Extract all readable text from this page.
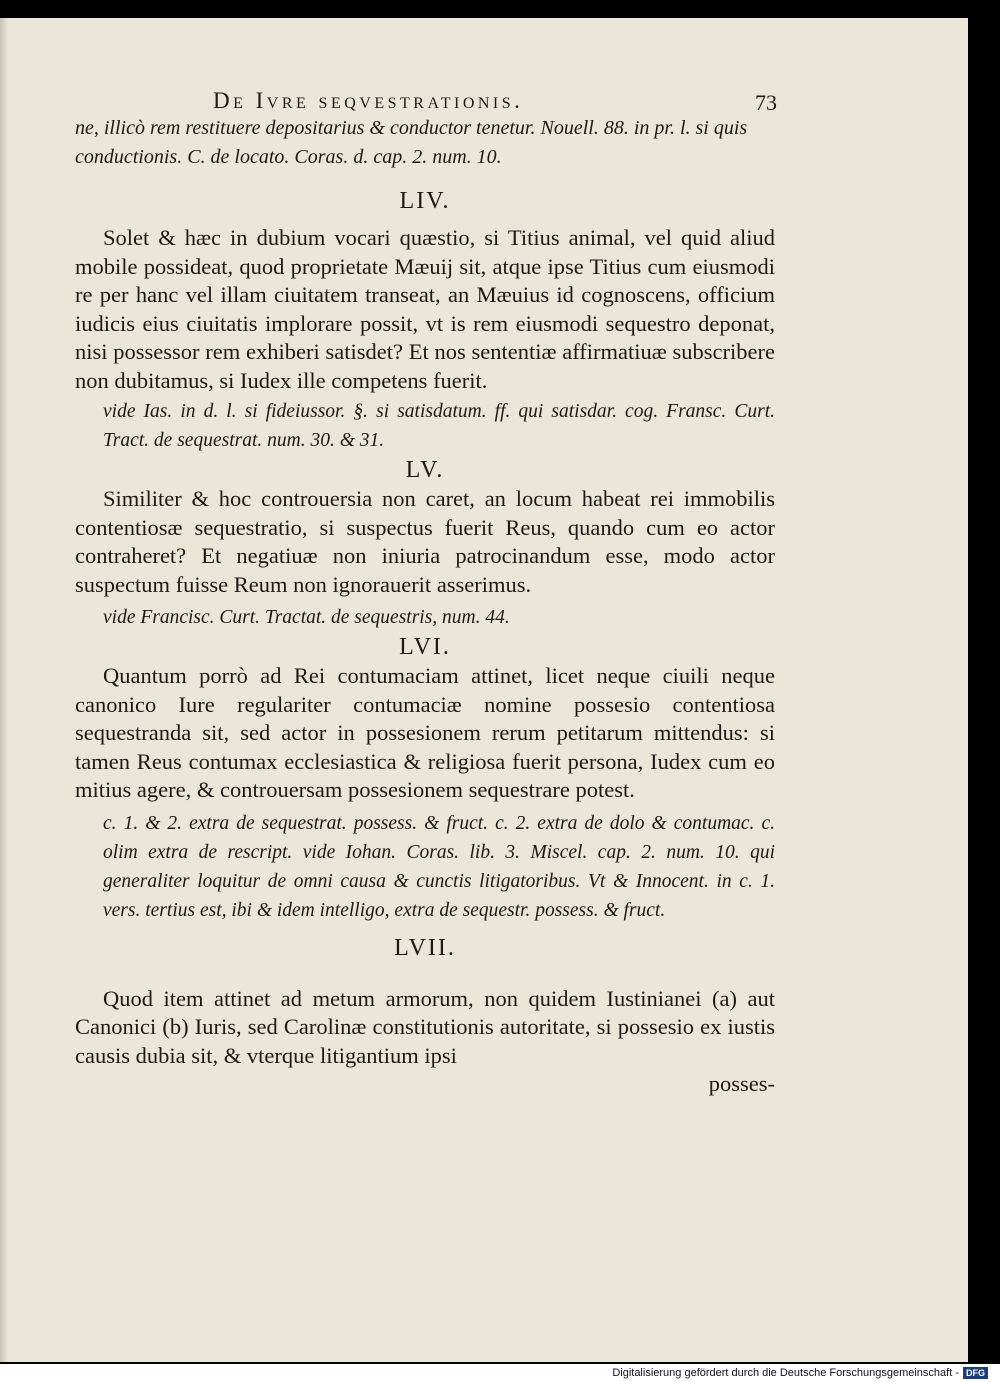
De Ivre seqvestrationis.	73

ne, illicò rem restituere depositarius & conductor tenetur. Nouell. 88. in pr. l. si quis conductionis. C. de locato. Coras. d. cap. 2. num. 10.

LIV.

Solet & hæc in dubium vocari quæstio, si Titius animal, vel quid aliud mobile possideat, quod proprietate Mæuij sit, atque ipse Titius cum eiusmodi re per hanc vel illam ciuitatem transeat, an Mæuius id cognoscens, officium iudicis eius ciuitatis implorare possit, vt is rem eiusmodi sequestro deponat, nisi possessor rem exhiberi satisdet? Et nos sententiæ affirmatiuæ subscribere non dubitamus, si Iudex ille competens fuerit.

vide Ias. in d. l. si fideiussor. §. si satisdatum. ff. qui satisdar. cog. Fransc. Curt. Tract. de sequestrat. num. 30. & 31.

LV.

Similiter & hoc controuersia non caret, an locum habeat rei immobilis contentiosæ sequestratio, si suspectus fuerit Reus, quando cum eo actor contraheret? Et negatiuæ non iniuria patrocinandum esse, modo actor suspectum fuisse Reum non ignorauerit asserimus.

vide Francisc. Curt. Tractat. de sequestris, num. 44.

LVI.

Quantum porrò ad Rei contumaciam attinet, licet neque ciuili neque canonico Iure regulariter contumaciæ nomine possesio contentiosa sequestranda sit, sed actor in possesionem rerum petitarum mittendus: si tamen Reus contumax ecclesiastica & religiosa fuerit persona, Iudex cum eo mitius agere, & controuersam possesionem sequestrare potest.

c. 1. & 2. extra de sequestrat. possess. & fruct. c. 2. extra de dolo & contumac. c. olim extra de rescript. vide Iohan. Coras. lib. 3. Miscel. cap. 2. num. 10. qui generaliter loquitur de omni causa & cunctis litigatoribus. Vt & Innocent. in c. 1. vers. tertius est, ibi & idem intelligo, extra de sequestr. possess. & fruct.

LVII.

Quod item attinet ad metum armorum, non quidem Iustinianei (a) aut Canonici (b) Iuris, sed Carolinæ constitutionis autoritate, si possesio ex iustis causis dubia sit, & vterque litigantium ipsi

posses-

Digitalisierung gefördert durch die Deutsche Forschungsgemeinschaft - DFG
